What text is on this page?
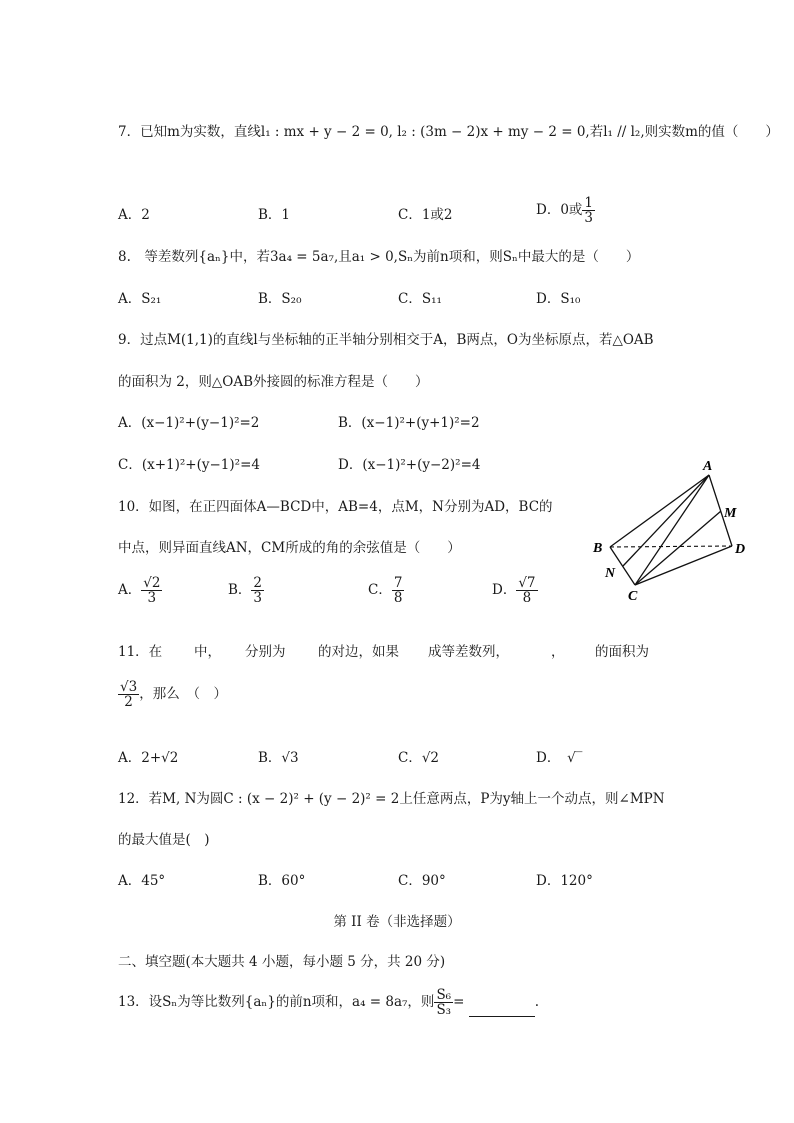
7．已知m为实数，直线l₁ : mx + y − 2 = 0, l₂ : (3m − 2)x + my − 2 = 0,若l₁ // l₂,则实数m的值（　　）
A．2	B．1	C．1或2	D．0或 $\frac{1}{3}$
8.　等差数列{aₙ}中，若3a₄ = 5a₇,且a₁ > 0,Sₙ为前n项和，则Sₙ中最大的是（　　）
A．S₂₁	B．S₂₀	C．S₁₁	D．S₁₀
9．过点M(1,1)的直线l与坐标轴的正半轴分别相交于A，B两点，O为坐标原点，若△OAB
的面积为 2，则△OAB外接圆的标准方程是（　　）
A．(x−1)²+(y−1)²=2	B．(x−1)²+(y+1)²=2
C．(x+1)²+(y−1)²=4	D．(x−1)²+(y−2)²=4
10．如图，在正四面体A—BCD中，AB=4，点M，N分别为AD，BC的
中点，则异面直线AN，CM所成的角的余弦值是（　　）
A． $\frac{√2}{3}$	B． $\frac{2}{3}$	C． $\frac{7}{8}$	D． $\frac{√7}{8}$
A
B
C
D
M
N
11．在 中， 分别为 的对边，如果 成等差数列，	， 的面积为
$\frac{√3}{2}$ ，那么　（　）
A．2+√2	B．√3	C．√2	D．　√‾
12．若M, N为圆C : (x − 2)² + (y − 2)² = 2上任意两点，P为y轴上一个动点，则∠MPN
的最大值是(　)
A．45°	B．60°	C．90°	D．120°
第 II 卷（非选择题）
二、填空题(本大题共 4 小题，每小题 5 分，共 20 分)
13．设Sₙ为等比数列{aₙ}的前n项和，a₄ = 8a₇，则 $\frac{\text{S₆}}{\text{S₃}}$ =	.
